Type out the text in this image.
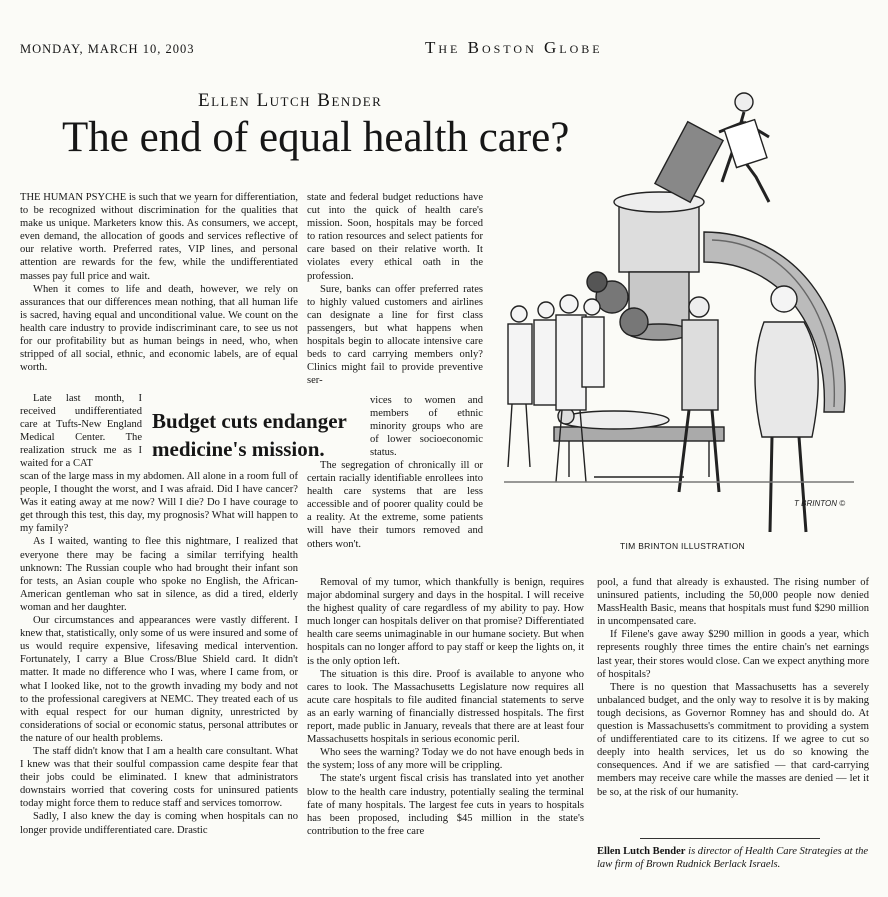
MONDAY, MARCH 10, 2003	The Boston Globe
Ellen Lutch Bender
The end of equal health care?
T BRINTON ©
TIM BRINTON ILLUSTRATION

THE HUMAN PSYCHE is such that we yearn for differentiation, to be recognized without discrimination for the qualities that make us unique. Marketers know this. As consumers, we accept, even demand, the allocation of goods and services reflective of our relative worth. Preferred rates, VIP lines, and personal attention are rewards for the few, while the undifferentiated masses pay full price and wait.

When it comes to life and death, however, we rely on assurances that our differences mean nothing, that all human life is sacred, having equal and unconditional value. We count on the health care industry to provide indiscriminant care, to see us not for our profitability but as human beings in need, who, when stripped of all social, ethnic, and economic labels, are of equal worth.

Late last month, I received undifferentiated care at Tufts-New England Medical Center. The realization struck me as I waited for a CAT

Budget cuts endanger medicine's mission.

scan of the large mass in my abdomen. All alone in a room full of people, I thought the worst, and I was afraid. Did I have cancer? Was it eating away at me now? Will I die? Do I have courage to get through this test, this day, my prognosis? What will happen to my family?

As I waited, wanting to flee this nightmare, I realized that everyone there may be facing a similar terrifying health unknown: The Russian couple who had brought their infant son for tests, an Asian couple who spoke no English, the African-American gentleman who sat in silence, as did a tired, elderly woman and her daughter.

Our circumstances and appearances were vastly different. I knew that, statistically, only some of us were insured and some of us would require expensive, lifesaving medical intervention. Fortunately, I carry a Blue Cross/Blue Shield card. It didn't matter. It made no difference who I was, where I came from, or what I looked like, not to the growth invading my body and not to the professional caregivers at NEMC. They treated each of us with equal respect for our human dignity, unrestricted by considerations of social or economic status, personal attributes or the nature of our health problems.

The staff didn't know that I am a health care consultant. What I knew was that their soulful compassion came despite fear that their jobs could be eliminated. I knew that administrators downstairs worried that covering costs for uninsured patients today might force them to reduce staff and services tomorrow.

Sadly, I also knew the day is coming when hospitals can no longer provide undifferentiated care. Drastic

state and federal budget reductions have cut into the quick of health care's mission. Soon, hospitals may be forced to ration resources and select patients for care based on their relative worth. It violates every ethical oath in the profession.

Sure, banks can offer preferred rates to highly valued customers and airlines can designate a line for first class passengers, but what happens when hospitals begin to allocate intensive care beds to card carrying members only? Clinics might fail to provide preventive ser-

vices to women and members of ethnic minority groups who are of lower socioeconomic status.

The segregation of chronically ill or certain racially identifiable enrollees into health care systems that are less accessible and of poorer quality could be a reality. At the extreme, some patients will have their tumors removed and others won't.

Removal of my tumor, which thankfully is benign, requires major abdominal surgery and days in the hospital. I will receive the highest quality of care regardless of my ability to pay. How much longer can hospitals deliver on that promise? Differentiated health care seems unimaginable in our humane society. But when hospitals can no longer afford to pay staff or keep the lights on, it is the only option left.

The situation is this dire. Proof is available to anyone who cares to look. The Massachusetts Legislature now requires all acute care hospitals to file audited financial statements to serve as an early warning of financially distressed hospitals. The first report, made public in January, reveals that there are at least four Massachusetts hospitals in serious economic peril.

Who sees the warning? Today we do not have enough beds in the system; loss of any more will be crippling.

The state's urgent fiscal crisis has translated into yet another blow to the health care industry, potentially sealing the terminal fate of many hospitals. The largest fee cuts in years to hospitals has been proposed, including $45 million in the state's contribution to the free care

pool, a fund that already is exhausted. The rising number of uninsured patients, including the 50,000 people now denied MassHealth Basic, means that hospitals must fund $290 million in uncompensated care.

If Filene's gave away $290 million in goods a year, which represents roughly three times the entire chain's net earnings last year, their stores would close. Can we expect anything more of hospitals?

There is no question that Massachusetts has a severely unbalanced budget, and the only way to resolve it is by making tough decisions, as Governor Romney has and should do. At question is Massachusetts's commitment to providing a system of undifferentiated care to its citizens. If we agree to cut so deeply into health services, let us do so knowing the consequences. And if we are satisfied — that card-carrying members may receive care while the masses are denied — let it be so, at the risk of our humanity.

Ellen Lutch Bender is director of Health Care Strategies at the law firm of Brown Rudnick Berlack Israels.
